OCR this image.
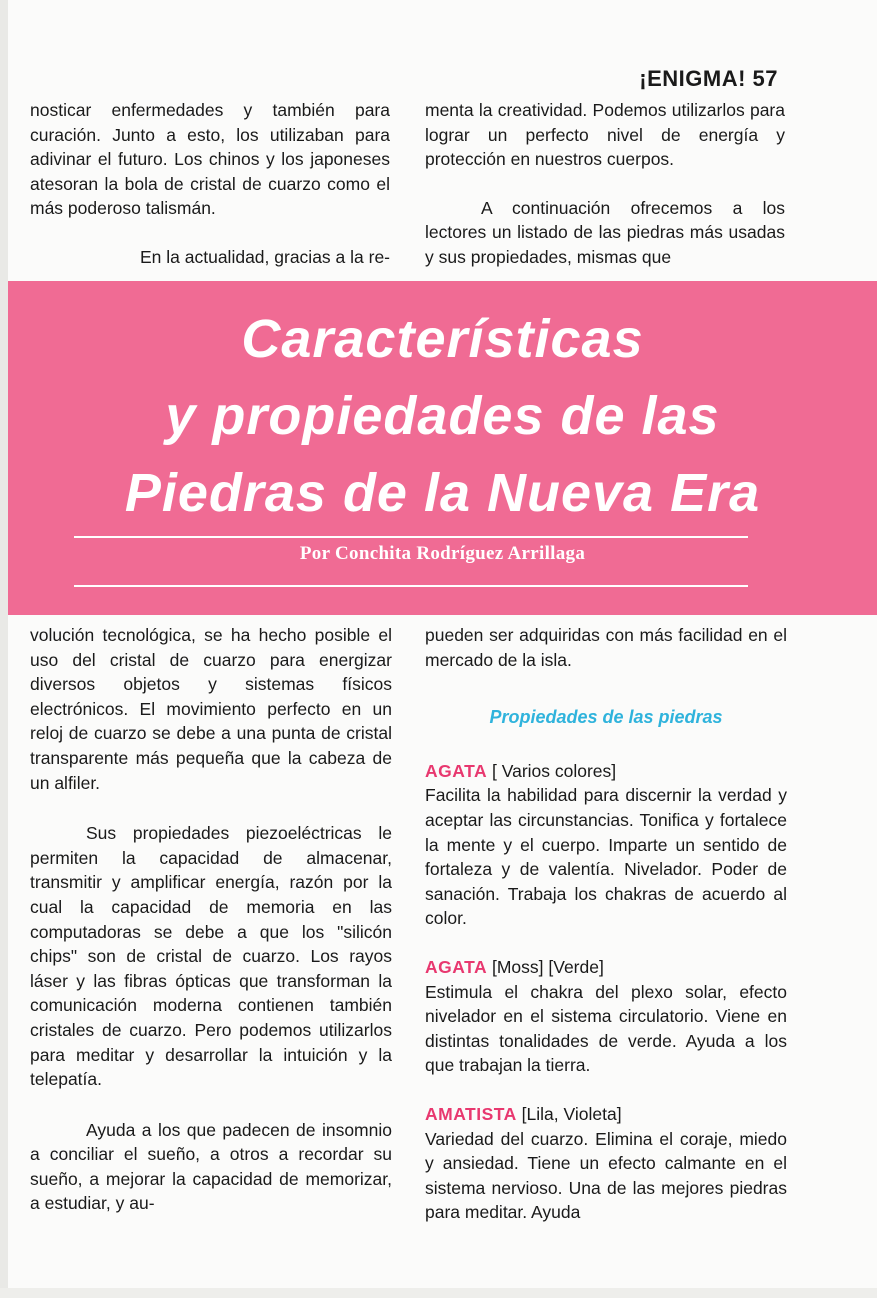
¡ENIGMA! 57

nosticar enfermedades y también para curación. Junto a esto, los utilizaban para adivinar el futuro. Los chinos y los japoneses atesoran la bola de cristal de cuarzo como el más poderoso talismán.

En la actualidad, gracias a la re-

menta la creatividad. Podemos utilizarlos para lograr un perfecto nivel de energía y protección en nuestros cuerpos.

A continuación ofrecemos a los lectores un listado de las piedras más usadas y sus propiedades, mismas que

Características
y propiedades de las
Piedras de la Nueva Era
Por Conchita Rodríguez Arrillaga

volución tecnológica, se ha hecho posible el uso del cristal de cuarzo para energizar diversos objetos y sistemas físicos electrónicos. El movimiento perfecto en un reloj de cuarzo se debe a una punta de cristal transparente más pequeña que la cabeza de un alfiler.

Sus propiedades piezoeléctricas le permiten la capacidad de almacenar, transmitir y amplificar energía, razón por la cual la capacidad de memoria en las computadoras se debe a que los "silicón chips" son de cristal de cuarzo. Los rayos láser y las fibras ópticas que transforman la comunicación moderna contienen también cristales de cuarzo. Pero podemos utilizarlos para meditar y desarrollar la intuición y la telepatía.

Ayuda a los que padecen de insomnio a conciliar el sueño, a otros a recordar su sueño, a mejorar la capacidad de memorizar, a estudiar, y au-

pueden ser adquiridas con más facilidad en el mercado de la isla.

Propiedades de las piedras

AGATA [ Varios colores]

Facilita la habilidad para discernir la verdad y aceptar las circunstancias. Tonifica y fortalece la mente y el cuerpo. Imparte un sentido de fortaleza y de valentía. Nivelador. Poder de sanación. Trabaja los chakras de acuerdo al color.

AGATA [Moss] [Verde]

Estimula el chakra del plexo solar, efecto nivelador en el sistema circulatorio. Viene en distintas tonalidades de verde. Ayuda a los que trabajan la tierra.

AMATISTA [Lila, Violeta]

Variedad del cuarzo. Elimina el coraje, miedo y ansiedad. Tiene un efecto calmante en el sistema nervioso. Una de las mejores piedras para meditar. Ayuda
